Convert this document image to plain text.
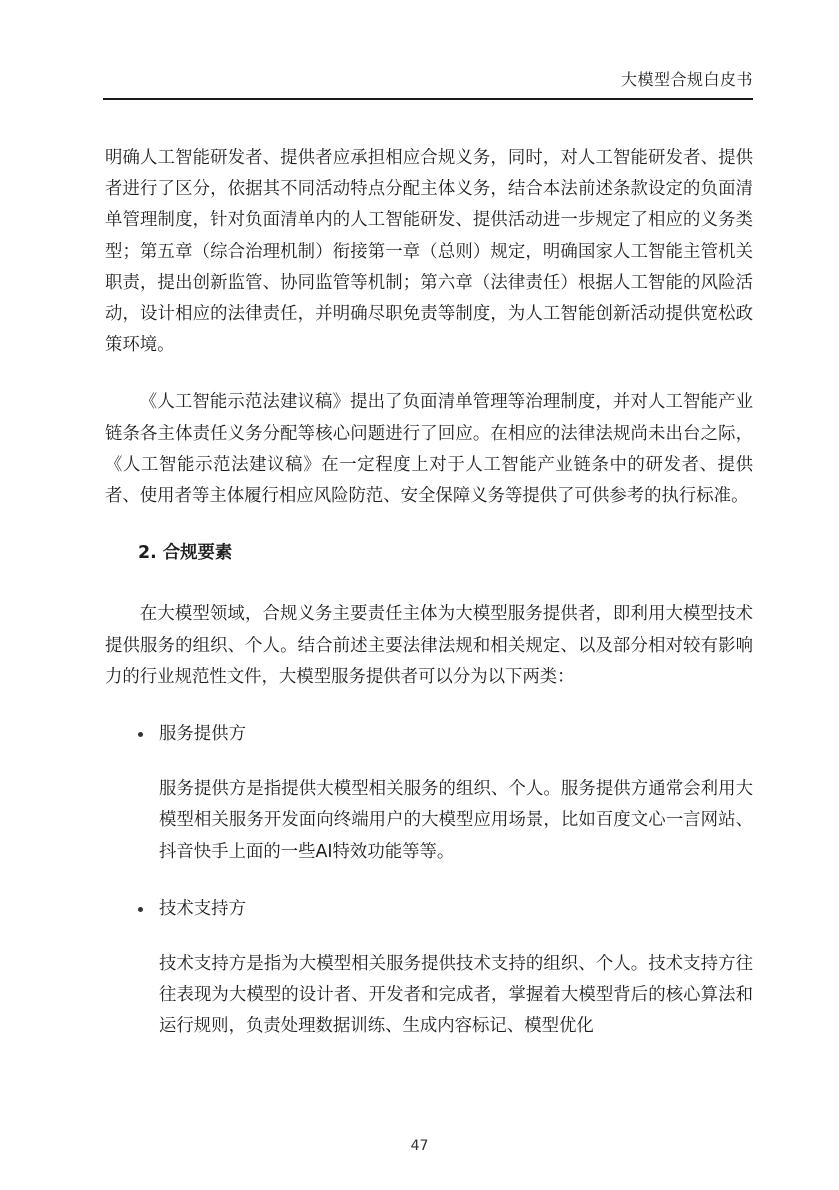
大模型合规白皮书

明确人工智能研发者、提供者应承担相应合规义务，同时，对人工智能研发者、提供者进行了区分，依据其不同活动特点分配主体义务，结合本法前述条款设定的负面清单管理制度，针对负面清单内的人工智能研发、提供活动进一步规定了相应的义务类型；第五章（综合治理机制）衔接第一章（总则）规定，明确国家人工智能主管机关职责，提出创新监管、协同监管等机制；第六章（法律责任）根据人工智能的风险活动，设计相应的法律责任，并明确尽职免责等制度，为人工智能创新活动提供宽松政策环境。

《人工智能示范法建议稿》提出了负面清单管理等治理制度，并对人工智能产业链条各主体责任义务分配等核心问题进行了回应。在相应的法律法规尚未出台之际，《人工智能示范法建议稿》在一定程度上对于人工智能产业链条中的研发者、提供者、使用者等主体履行相应风险防范、安全保障义务等提供了可供参考的执行标准。

2. 合规要素

在大模型领域，合规义务主要责任主体为大模型服务提供者，即利用大模型技术提供服务的组织、个人。结合前述主要法律法规和相关规定、以及部分相对较有影响力的行业规范性文件，大模型服务提供者可以分为以下两类：

服务提供方

服务提供方是指提供大模型相关服务的组织、个人。服务提供方通常会利用大模型相关服务开发面向终端用户的大模型应用场景，比如百度文心一言网站、抖音快手上面的一些AI特效功能等等。

技术支持方

技术支持方是指为大模型相关服务提供技术支持的组织、个人。技术支持方往往表现为大模型的设计者、开发者和完成者，掌握着大模型背后的核心算法和运行规则，负责处理数据训练、生成内容标记、模型优化

47
